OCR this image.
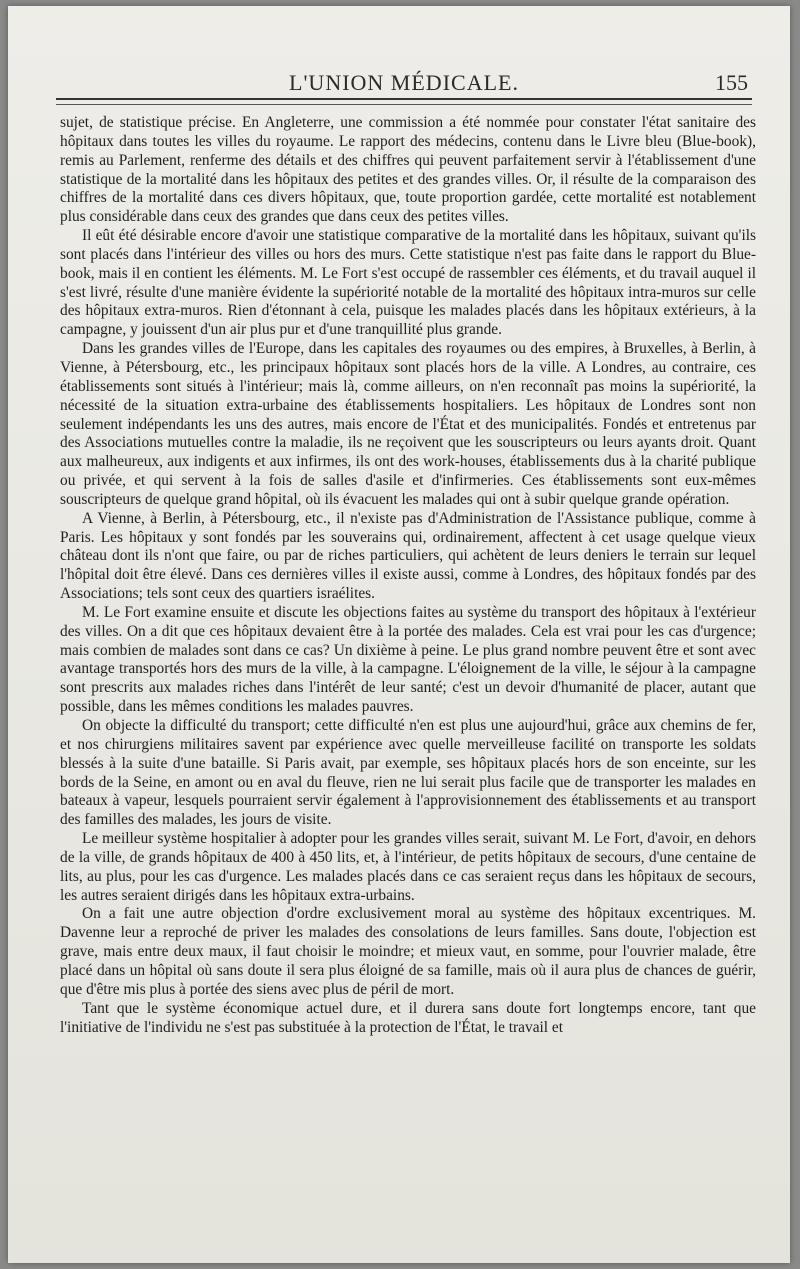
L'UNION MÉDICALE.	155

sujet, de statistique précise. En Angleterre, une commission a été nommée pour constater l'état sanitaire des hôpitaux dans toutes les villes du royaume. Le rapport des médecins, contenu dans le Livre bleu (Blue-book), remis au Parlement, renferme des détails et des chiffres qui peuvent parfaitement servir à l'établissement d'une statistique de la mortalité dans les hôpitaux des petites et des grandes villes. Or, il résulte de la comparaison des chiffres de la mortalité dans ces divers hôpitaux, que, toute proportion gardée, cette mortalité est notablement plus considérable dans ceux des grandes que dans ceux des petites villes.

Il eût été désirable encore d'avoir une statistique comparative de la mortalité dans les hôpitaux, suivant qu'ils sont placés dans l'intérieur des villes ou hors des murs. Cette statistique n'est pas faite dans le rapport du Blue-book, mais il en contient les éléments. M. Le Fort s'est occupé de rassembler ces éléments, et du travail auquel il s'est livré, résulte d'une manière évidente la supériorité notable de la mortalité des hôpitaux intra-muros sur celle des hôpitaux extra-muros. Rien d'étonnant à cela, puisque les malades placés dans les hôpitaux extérieurs, à la campagne, y jouissent d'un air plus pur et d'une tranquillité plus grande.

Dans les grandes villes de l'Europe, dans les capitales des royaumes ou des empires, à Bruxelles, à Berlin, à Vienne, à Pétersbourg, etc., les principaux hôpitaux sont placés hors de la ville. A Londres, au contraire, ces établissements sont situés à l'intérieur; mais là, comme ailleurs, on n'en reconnaît pas moins la supériorité, la nécessité de la situation extra-urbaine des établissements hospitaliers. Les hôpitaux de Londres sont non seulement indépendants les uns des autres, mais encore de l'État et des municipalités. Fondés et entretenus par des Associations mutuelles contre la maladie, ils ne reçoivent que les souscripteurs ou leurs ayants droit. Quant aux malheureux, aux indigents et aux infirmes, ils ont des work-houses, établissements dus à la charité publique ou privée, et qui servent à la fois de salles d'asile et d'infirmeries. Ces établissements sont eux-mêmes souscripteurs de quelque grand hôpital, où ils évacuent les malades qui ont à subir quelque grande opération.

A Vienne, à Berlin, à Pétersbourg, etc., il n'existe pas d'Administration de l'Assistance publique, comme à Paris. Les hôpitaux y sont fondés par les souverains qui, ordinairement, affectent à cet usage quelque vieux château dont ils n'ont que faire, ou par de riches particuliers, qui achètent de leurs deniers le terrain sur lequel l'hôpital doit être élevé. Dans ces dernières villes il existe aussi, comme à Londres, des hôpitaux fondés par des Associations; tels sont ceux des quartiers israélites.

M. Le Fort examine ensuite et discute les objections faites au système du transport des hôpitaux à l'extérieur des villes. On a dit que ces hôpitaux devaient être à la portée des malades. Cela est vrai pour les cas d'urgence; mais combien de malades sont dans ce cas? Un dixième à peine. Le plus grand nombre peuvent être et sont avec avantage transportés hors des murs de la ville, à la campagne. L'éloignement de la ville, le séjour à la campagne sont prescrits aux malades riches dans l'intérêt de leur santé; c'est un devoir d'humanité de placer, autant que possible, dans les mêmes conditions les malades pauvres.

On objecte la difficulté du transport; cette difficulté n'en est plus une aujourd'hui, grâce aux chemins de fer, et nos chirurgiens militaires savent par expérience avec quelle merveilleuse facilité on transporte les soldats blessés à la suite d'une bataille. Si Paris avait, par exemple, ses hôpitaux placés hors de son enceinte, sur les bords de la Seine, en amont ou en aval du fleuve, rien ne lui serait plus facile que de transporter les malades en bateaux à vapeur, lesquels pourraient servir également à l'approvisionnement des établissements et au transport des familles des malades, les jours de visite.

Le meilleur système hospitalier à adopter pour les grandes villes serait, suivant M. Le Fort, d'avoir, en dehors de la ville, de grands hôpitaux de 400 à 450 lits, et, à l'intérieur, de petits hôpitaux de secours, d'une centaine de lits, au plus, pour les cas d'urgence. Les malades placés dans ce cas seraient reçus dans les hôpitaux de secours, les autres seraient dirigés dans les hôpitaux extra-urbains.

On a fait une autre objection d'ordre exclusivement moral au système des hôpitaux excentriques. M. Davenne leur a reproché de priver les malades des consolations de leurs familles. Sans doute, l'objection est grave, mais entre deux maux, il faut choisir le moindre; et mieux vaut, en somme, pour l'ouvrier malade, être placé dans un hôpital où sans doute il sera plus éloigné de sa famille, mais où il aura plus de chances de guérir, que d'être mis plus à portée des siens avec plus de péril de mort.

Tant que le système économique actuel dure, et il durera sans doute fort longtemps encore, tant que l'initiative de l'individu ne s'est pas substituée à la protection de l'État, le travail et
